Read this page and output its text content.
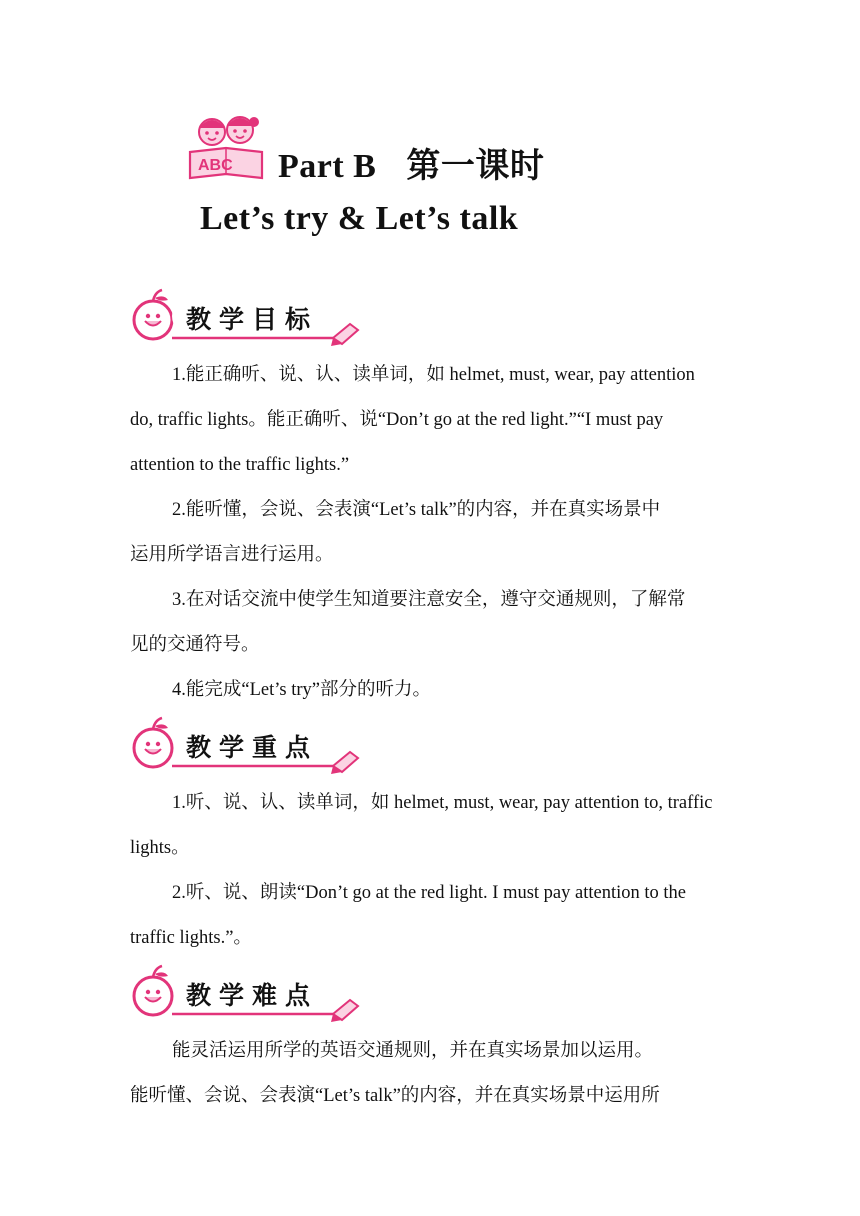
ABC Part B 第一课时
Let’s try & Let’s talk
教学目标

1.能正确听、说、认、读单词，如 helmet, must, wear, pay attention

do, traffic lights。能正确听、说“Don’t go at the red light.”“I must pay
attention to the traffic lights.”

2.能听懂，会说、会表演“Let’s talk”的内容，并在真实场景中

运用所学语言进行运用。

3.在对话交流中使学生知道要注意安全，遵守交通规则，了解常

见的交通符号。

4.能完成“Let’s try”部分的听力。

教学重点

1.听、说、认、读单词，如 helmet, must, wear, pay attention to, traffic

lights。

2.听、说、朗读“Don’t go at the red light. I must pay attention to the

traffic lights.”。

教学难点

能灵活运用所学的英语交通规则，并在真实场景加以运用。

能听懂、会说、会表演“Let’s talk”的内容，并在真实场景中运用所
